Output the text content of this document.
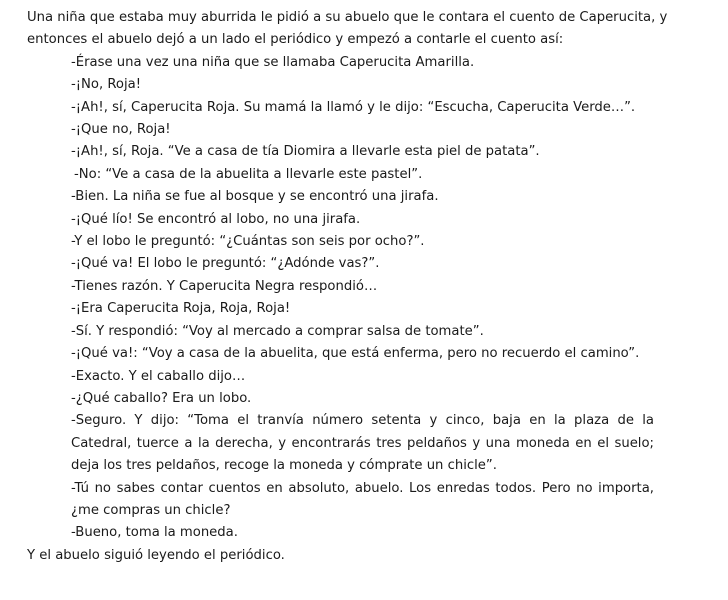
Una niña que estaba muy aburrida le pidió a su abuelo que le contara el cuento de Caperucita, y entonces el abuelo dejó a un lado el periódico y empezó a contarle el cuento así:

-Érase una vez una niña que se llamaba Caperucita Amarilla.
-¡No, Roja!
-¡Ah!, sí, Caperucita Roja. Su mamá la llamó y le dijo: “Escucha, Caperucita Verde…”.
-¡Que no, Roja!
-¡Ah!, sí, Roja. “Ve a casa de tía Diomira a llevarle esta piel de patata”.
-No: “Ve a casa de la abuelita a llevarle este pastel”.
-Bien. La niña se fue al bosque y se encontró una jirafa.
-¡Qué lío! Se encontró al lobo, no una jirafa.
-Y el lobo le preguntó: “¿Cuántas son seis por ocho?”.
-¡Qué va! El lobo le preguntó: “¿Adónde vas?”.
-Tienes razón. Y Caperucita Negra respondió…
-¡Era Caperucita Roja, Roja, Roja!
-Sí. Y respondió: “Voy al mercado a comprar salsa de tomate”.
-¡Qué va!: “Voy a casa de la abuelita, que está enferma, pero no recuerdo el camino”.
-Exacto. Y el caballo dijo…
-¿Qué caballo? Era un lobo.
-Seguro. Y dijo: “Toma el tranvía número setenta y cinco, baja en la plaza de la Catedral, tuerce a la derecha, y encontrarás tres peldaños y una moneda en el suelo; deja los tres peldaños, recoge la moneda y cómprate un chicle”.
-Tú no sabes contar cuentos en absoluto, abuelo. Los enredas todos. Pero no importa, ¿me compras un chicle?
-Bueno, toma la moneda.

Y el abuelo siguió leyendo el periódico.
